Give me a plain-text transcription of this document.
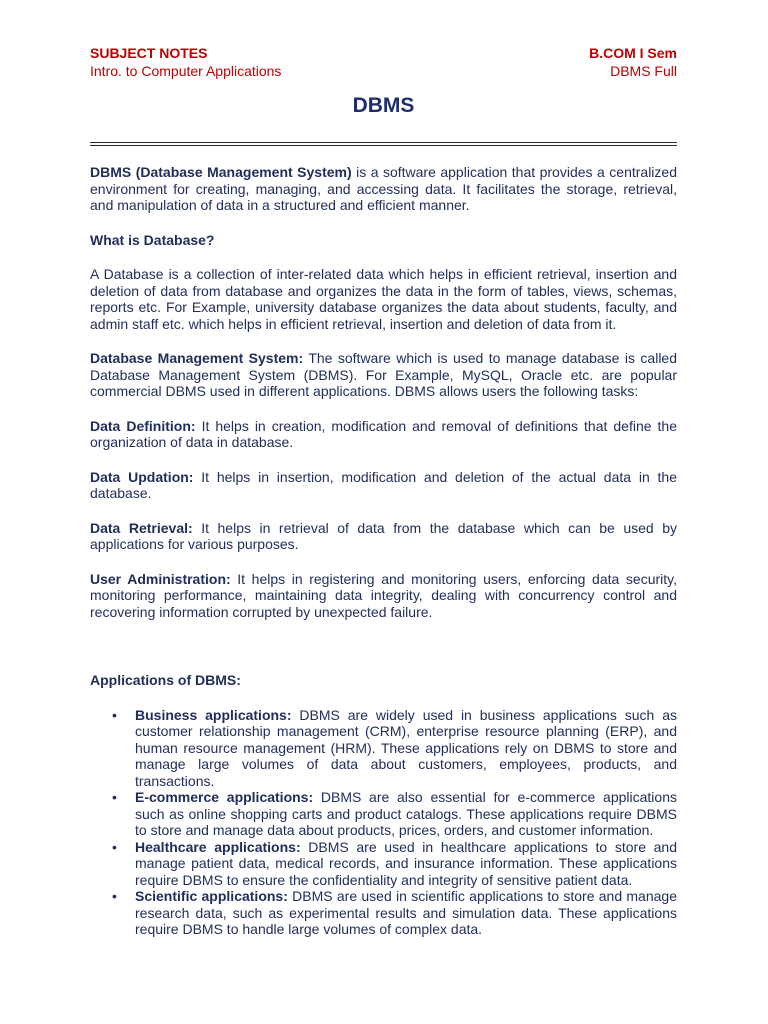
SUBJECT NOTES
Intro. to Computer Applications
B.COM I Sem
DBMS Full
DBMS

DBMS (Database Management System) is a software application that provides a centralized environment for creating, managing, and accessing data. It facilitates the storage, retrieval, and manipulation of data in a structured and efficient manner.

What is Database?

A Database is a collection of inter-related data which helps in efficient retrieval, insertion and deletion of data from database and organizes the data in the form of tables, views, schemas, reports etc. For Example, university database organizes the data about students, faculty, and admin staff etc. which helps in efficient retrieval, insertion and deletion of data from it.

Database Management System: The software which is used to manage database is called Database Management System (DBMS). For Example, MySQL, Oracle etc. are popular commercial DBMS used in different applications. DBMS allows users the following tasks:

Data Definition: It helps in creation, modification and removal of definitions that define the organization of data in database.

Data Updation: It helps in insertion, modification and deletion of the actual data in the database.

Data Retrieval: It helps in retrieval of data from the database which can be used by applications for various purposes.

User Administration: It helps in registering and monitoring users, enforcing data security, monitoring performance, maintaining data integrity, dealing with concurrency control and recovering information corrupted by unexpected failure.

Applications of DBMS:

• Business applications: DBMS are widely used in business applications such as customer relationship management (CRM), enterprise resource planning (ERP), and human resource management (HRM). These applications rely on DBMS to store and manage large volumes of data about customers, employees, products, and transactions.
• E-commerce applications: DBMS are also essential for e-commerce applications such as online shopping carts and product catalogs. These applications require DBMS to store and manage data about products, prices, orders, and customer information.
• Healthcare applications: DBMS are used in healthcare applications to store and manage patient data, medical records, and insurance information. These applications require DBMS to ensure the confidentiality and integrity of sensitive patient data.
• Scientific applications: DBMS are used in scientific applications to store and manage research data, such as experimental results and simulation data. These applications require DBMS to handle large volumes of complex data.
